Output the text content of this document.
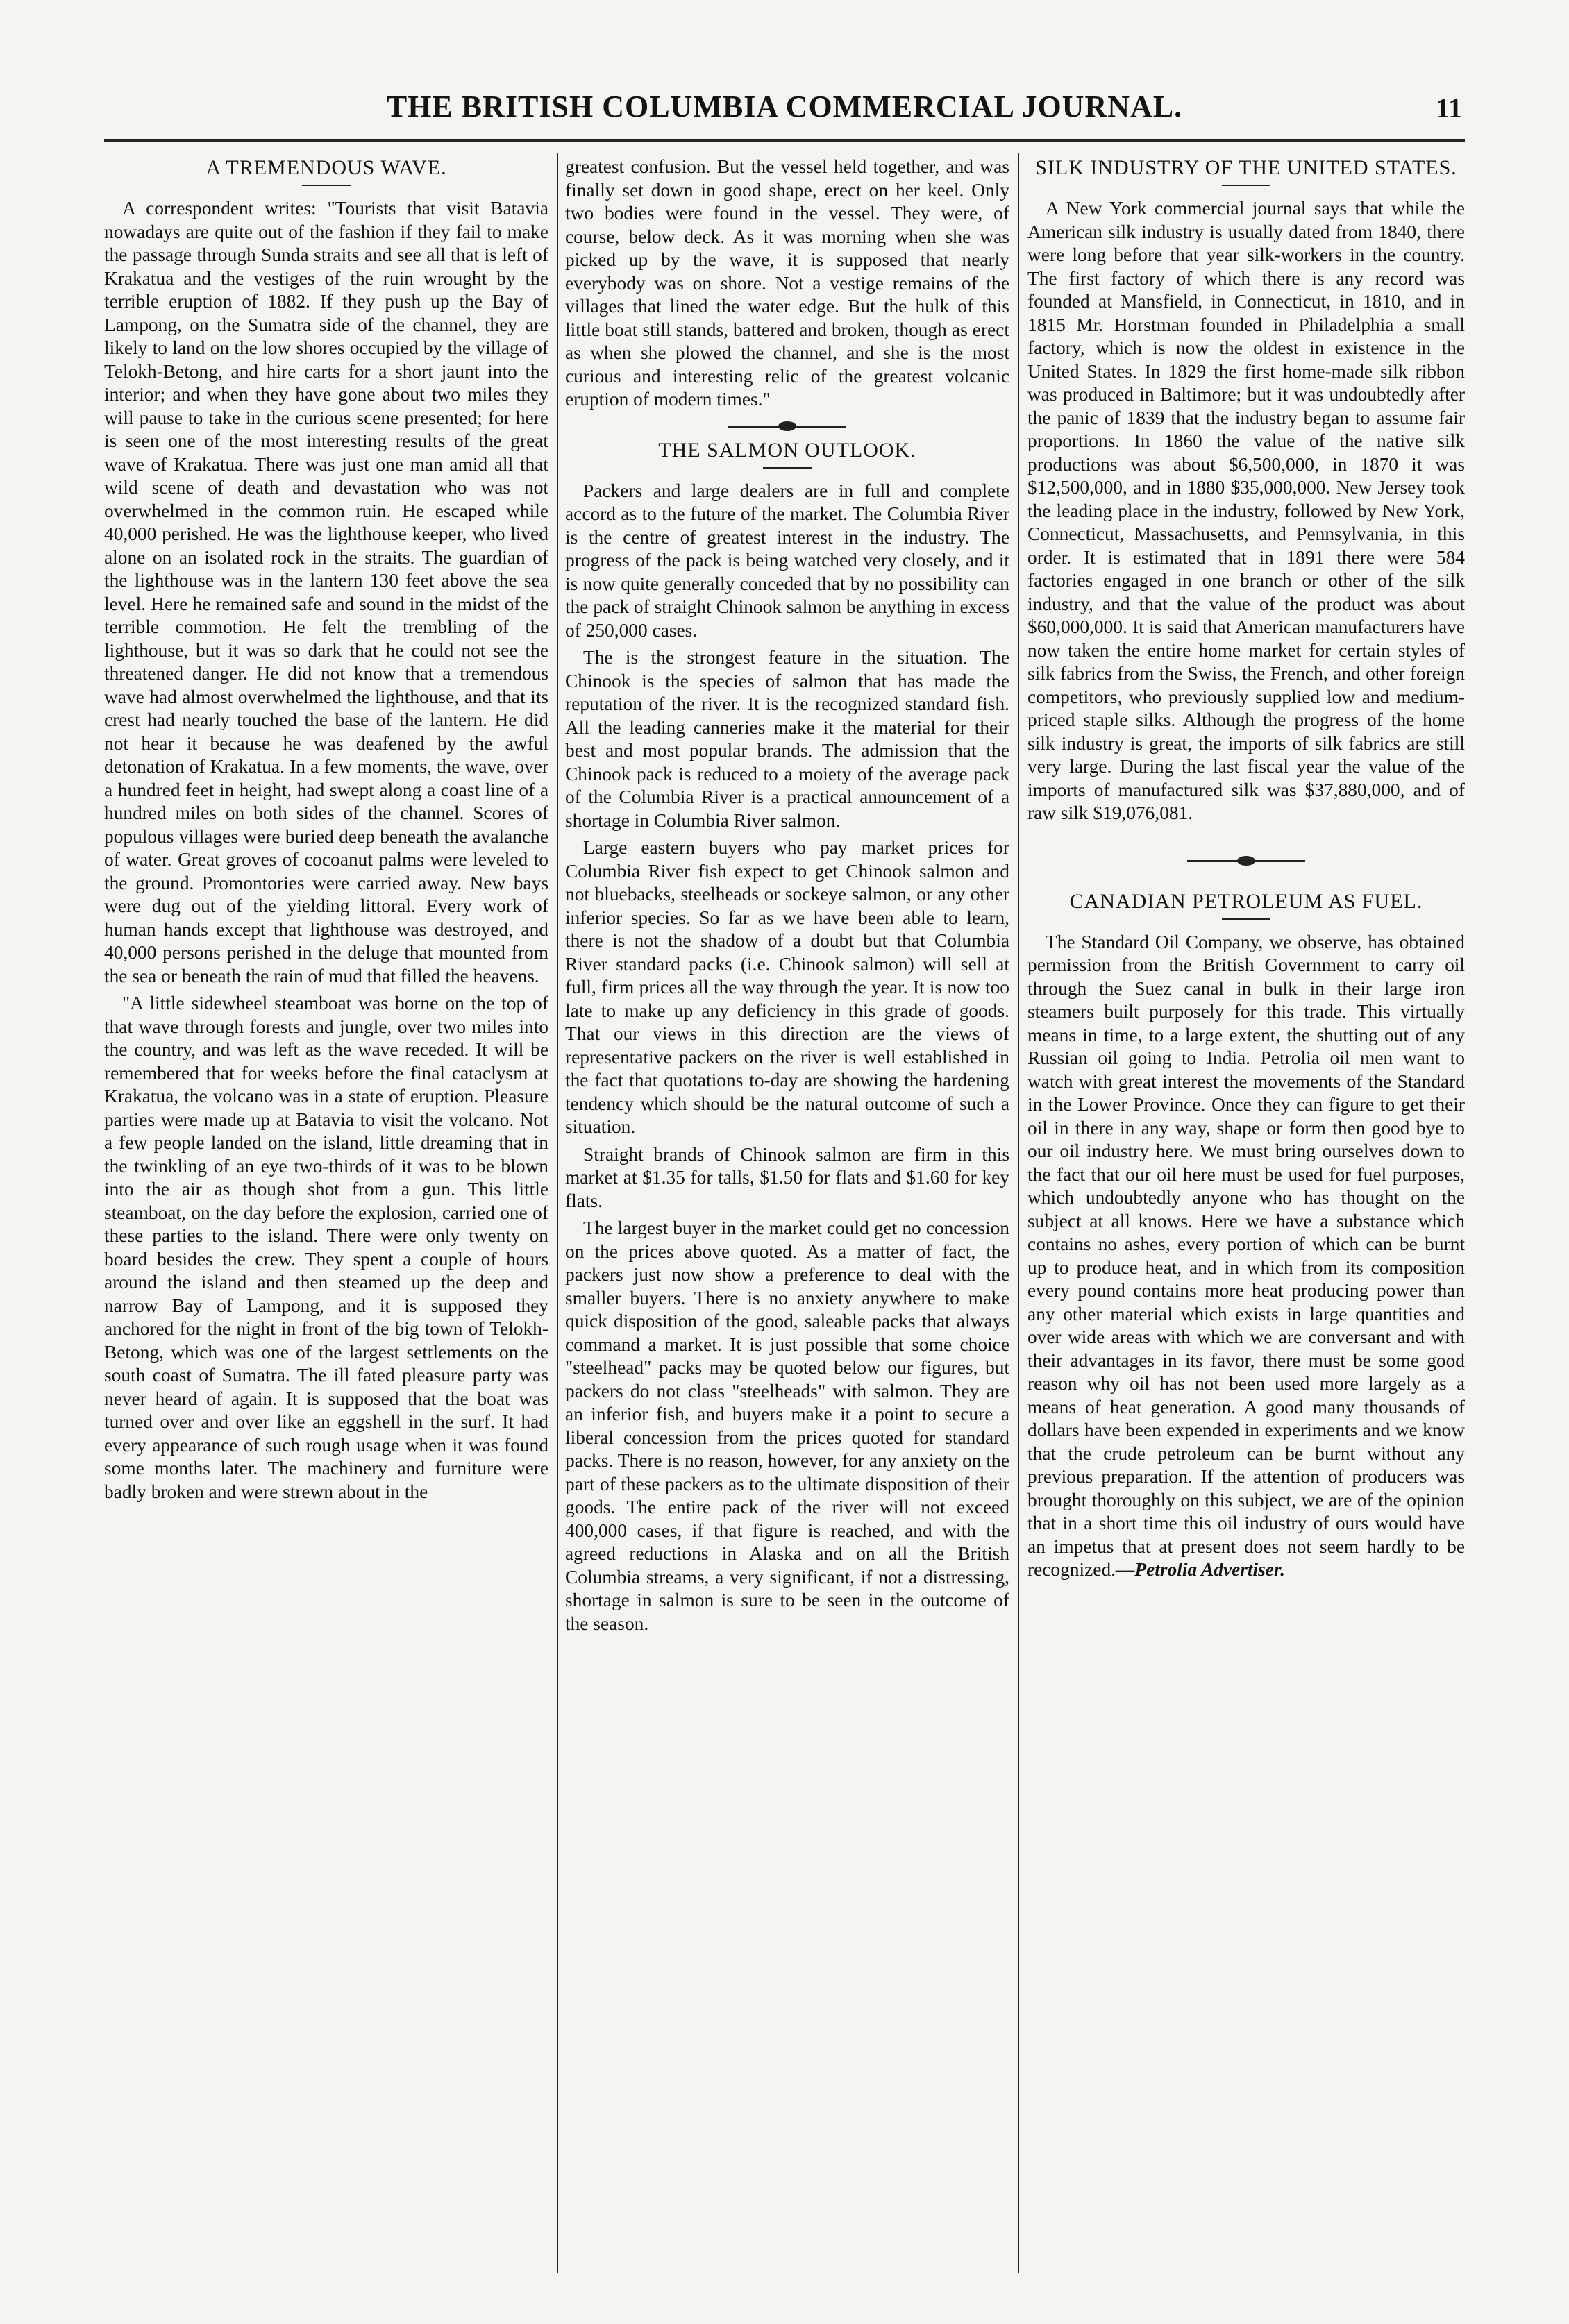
THE BRITISH COLUMBIA COMMERCIAL JOURNAL.	11
A TREMENDOUS WAVE.

A correspondent writes: "Tourists that visit Batavia nowadays are quite out of the fashion if they fail to make the passage through Sunda straits and see all that is left of Krakatua and the vestiges of the ruin wrought by the terrible eruption of 1882. If they push up the Bay of Lampong, on the Sumatra side of the channel, they are likely to land on the low shores occupied by the village of Telokh-Betong, and hire carts for a short jaunt into the interior; and when they have gone about two miles they will pause to take in the curious scene presented; for here is seen one of the most interesting results of the great wave of Krakatua. There was just one man amid all that wild scene of death and devastation who was not overwhelmed in the common ruin. He escaped while 40,000 perished. He was the lighthouse keeper, who lived alone on an isolated rock in the straits. The guardian of the lighthouse was in the lantern 130 feet above the sea level. Here he remained safe and sound in the midst of the terrible commotion. He felt the trembling of the lighthouse, but it was so dark that he could not see the threatened danger. He did not know that a tremendous wave had almost overwhelmed the lighthouse, and that its crest had nearly touched the base of the lantern. He did not hear it because he was deafened by the awful detonation of Krakatua. In a few moments, the wave, over a hundred feet in height, had swept along a coast line of a hundred miles on both sides of the channel. Scores of populous villages were buried deep beneath the avalanche of water. Great groves of cocoanut palms were leveled to the ground. Promontories were carried away. New bays were dug out of the yielding littoral. Every work of human hands except that lighthouse was destroyed, and 40,000 persons perished in the deluge that mounted from the sea or beneath the rain of mud that filled the heavens.

"A little sidewheel steamboat was borne on the top of that wave through forests and jungle, over two miles into the country, and was left as the wave receded. It will be remembered that for weeks before the final cataclysm at Krakatua, the volcano was in a state of eruption. Pleasure parties were made up at Batavia to visit the volcano. Not a few people landed on the island, little dreaming that in the twinkling of an eye two-thirds of it was to be blown into the air as though shot from a gun. This little steamboat, on the day before the explosion, carried one of these parties to the island. There were only twenty on board besides the crew. They spent a couple of hours around the island and then steamed up the deep and narrow Bay of Lampong, and it is supposed they anchored for the night in front of the big town of Telokh-Betong, which was one of the largest settlements on the south coast of Sumatra. The ill fated pleasure party was never heard of again. It is supposed that the boat was turned over and over like an eggshell in the surf. It had every appearance of such rough usage when it was found some months later. The machinery and furniture were badly broken and were strewn about in the

greatest confusion. But the vessel held together, and was finally set down in good shape, erect on her keel. Only two bodies were found in the vessel. They were, of course, below deck. As it was morning when she was picked up by the wave, it is supposed that nearly everybody was on shore. Not a vestige remains of the villages that lined the water edge. But the hulk of this little boat still stands, battered and broken, though as erect as when she plowed the channel, and she is the most curious and interesting relic of the greatest volcanic eruption of modern times."

THE SALMON OUTLOOK.

Packers and large dealers are in full and complete accord as to the future of the market. The Columbia River is the centre of greatest interest in the industry. The progress of the pack is being watched very closely, and it is now quite generally conceded that by no possibility can the pack of straight Chinook salmon be anything in excess of 250,000 cases.

The is the strongest feature in the situation. The Chinook is the species of salmon that has made the reputation of the river. It is the recognized standard fish. All the leading canneries make it the material for their best and most popular brands. The admission that the Chinook pack is reduced to a moiety of the average pack of the Columbia River is a practical announcement of a shortage in Columbia River salmon.

Large eastern buyers who pay market prices for Columbia River fish expect to get Chinook salmon and not bluebacks, steelheads or sockeye salmon, or any other inferior species. So far as we have been able to learn, there is not the shadow of a doubt but that Columbia River standard packs (i.e. Chinook salmon) will sell at full, firm prices all the way through the year. It is now too late to make up any deficiency in this grade of goods. That our views in this direction are the views of representative packers on the river is well established in the fact that quotations to-day are showing the hardening tendency which should be the natural outcome of such a situation.

Straight brands of Chinook salmon are firm in this market at $1.35 for talls, $1.50 for flats and $1.60 for key flats.

The largest buyer in the market could get no concession on the prices above quoted. As a matter of fact, the packers just now show a preference to deal with the smaller buyers. There is no anxiety anywhere to make quick disposition of the good, saleable packs that always command a market. It is just possible that some choice "steelhead" packs may be quoted below our figures, but packers do not class "steelheads" with salmon. They are an inferior fish, and buyers make it a point to secure a liberal concession from the prices quoted for standard packs. There is no reason, however, for any anxiety on the part of these packers as to the ultimate disposition of their goods. The entire pack of the river will not exceed 400,000 cases, if that figure is reached, and with the agreed reductions in Alaska and on all the British Columbia streams, a very significant, if not a distressing, shortage in salmon is sure to be seen in the outcome of the season.

SILK INDUSTRY OF THE UNITED STATES.

A New York commercial journal says that while the American silk industry is usually dated from 1840, there were long before that year silk-workers in the country. The first factory of which there is any record was founded at Mansfield, in Connecticut, in 1810, and in 1815 Mr. Horstman founded in Philadelphia a small factory, which is now the oldest in existence in the United States. In 1829 the first home-made silk ribbon was produced in Baltimore; but it was undoubtedly after the panic of 1839 that the industry began to assume fair proportions. In 1860 the value of the native silk productions was about $6,500,000, in 1870 it was $12,500,000, and in 1880 $35,000,000. New Jersey took the leading place in the industry, followed by New York, Connecticut, Massachusetts, and Pennsylvania, in this order. It is estimated that in 1891 there were 584 factories engaged in one branch or other of the silk industry, and that the value of the product was about $60,000,000. It is said that American manufacturers have now taken the entire home market for certain styles of silk fabrics from the Swiss, the French, and other foreign competitors, who previously supplied low and medium-priced staple silks. Although the progress of the home silk industry is great, the imports of silk fabrics are still very large. During the last fiscal year the value of the imports of manufactured silk was $37,880,000, and of raw silk $19,076,081.

CANADIAN PETROLEUM AS FUEL.

The Standard Oil Company, we observe, has obtained permission from the British Government to carry oil through the Suez canal in bulk in their large iron steamers built purposely for this trade. This virtually means in time, to a large extent, the shutting out of any Russian oil going to India. Petrolia oil men want to watch with great interest the movements of the Standard in the Lower Province. Once they can figure to get their oil in there in any way, shape or form then good bye to our oil industry here. We must bring ourselves down to the fact that our oil here must be used for fuel purposes, which undoubtedly anyone who has thought on the subject at all knows. Here we have a substance which contains no ashes, every portion of which can be burnt up to produce heat, and in which from its composition every pound contains more heat producing power than any other material which exists in large quantities and over wide areas with which we are conversant and with their advantages in its favor, there must be some good reason why oil has not been used more largely as a means of heat generation. A good many thousands of dollars have been expended in experiments and we know that the crude petroleum can be burnt without any previous preparation. If the attention of producers was brought thoroughly on this subject, we are of the opinion that in a short time this oil industry of ours would have an impetus that at present does not seem hardly to be recognized.—Petrolia Advertiser.
